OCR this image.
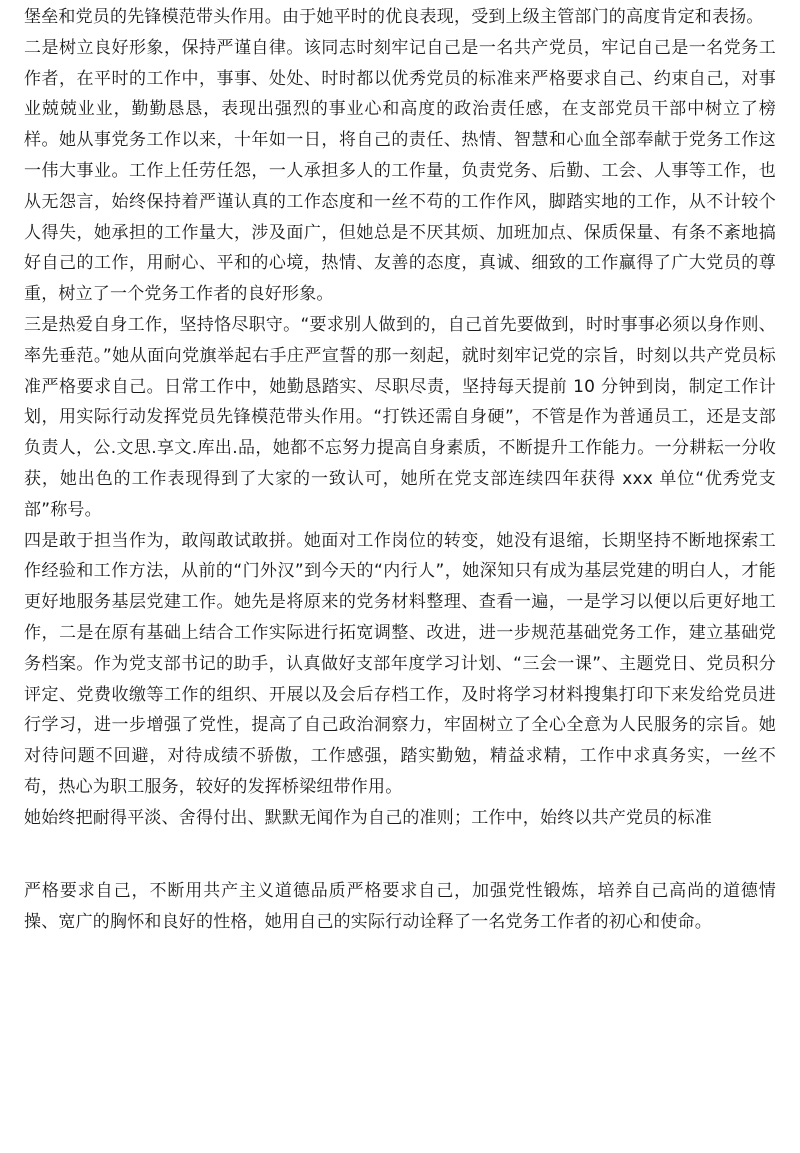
堡垒和党员的先锋模范带头作用。由于她平时的优良表现，受到上级主管部门的高度肯定和表扬。

二是树立良好形象，保持严谨自律。该同志时刻牢记自己是一名共产党员，牢记自己是一名党务工作者，在平时的工作中，事事、处处、时时都以优秀党员的标准来严格要求自己、约束自己，对事业兢兢业业，勤勤恳恳，表现出强烈的事业心和高度的政治责任感，在支部党员干部中树立了榜样。她从事党务工作以来，十年如一日，将自己的责任、热情、智慧和心血全部奉献于党务工作这一伟大事业。工作上任劳任怨，一人承担多人的工作量，负责党务、后勤、工会、人事等工作，也从无怨言，始终保持着严谨认真的工作态度和一丝不苟的工作作风，脚踏实地的工作，从不计较个人得失，她承担的工作量大，涉及面广，但她总是不厌其烦、加班加点、保质保量、有条不紊地搞好自己的工作，用耐心、平和的心境，热情、友善的态度，真诚、细致的工作赢得了广大党员的尊重，树立了一个党务工作者的良好形象。

三是热爱自身工作，坚持恪尽职守。“要求别人做到的，自己首先要做到，时时事事必须以身作则、率先垂范。”她从面向党旗举起右手庄严宣誓的那一刻起，就时刻牢记党的宗旨，时刻以共产党员标准严格要求自己。日常工作中，她勤恳踏实、尽职尽责，坚持每天提前 10 分钟到岗，制定工作计划，用实际行动发挥党员先锋模范带头作用。“打铁还需自身硬”，不管是作为普通员工，还是支部负责人，公.文思.享文.库出.品，她都不忘努力提高自身素质，不断提升工作能力。一分耕耘一分收获，她出色的工作表现得到了大家的一致认可，她所在党支部连续四年获得 xxx 单位“优秀党支部”称号。

四是敢于担当作为，敢闯敢试敢拼。她面对工作岗位的转变，她没有退缩，长期坚持不断地探索工作经验和工作方法，从前的“门外汉”到今天的“内行人”，她深知只有成为基层党建的明白人，才能更好地服务基层党建工作。她先是将原来的党务材料整理、查看一遍，一是学习以便以后更好地工作，二是在原有基础上结合工作实际进行拓宽调整、改进，进一步规范基础党务工作，建立基础党务档案。作为党支部书记的助手，认真做好支部年度学习计划、“三会一课”、主题党日、党员积分评定、党费收缴等工作的组织、开展以及会后存档工作，及时将学习材料搜集打印下来发给党员进行学习，进一步增强了党性，提高了自己政治洞察力，牢固树立了全心全意为人民服务的宗旨。她对待问题不回避，对待成绩不骄傲，工作感强，踏实勤勉，精益求精，工作中求真务实，一丝不苟，热心为职工服务，较好的发挥桥梁纽带作用。

她始终把耐得平淡、舍得付出、默默无闻作为自己的准则；工作中，始终以共产党员的标准

严格要求自己，不断用共产主义道德品质严格要求自己，加强党性锻炼，培养自己高尚的道德情操、宽广的胸怀和良好的性格，她用自己的实际行动诠释了一名党务工作者的初心和使命。
